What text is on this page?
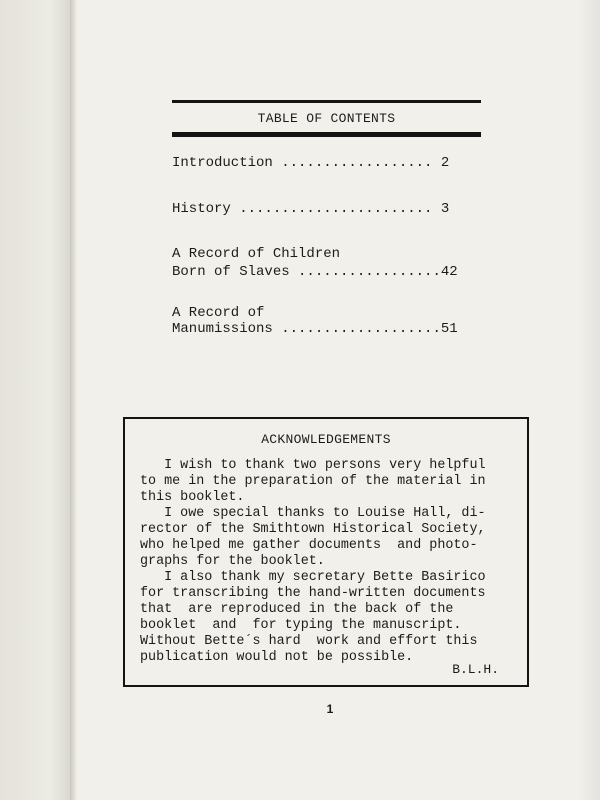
TABLE OF CONTENTS
Introduction .................. 2
History ....................... 3
A Record of Children
Born of Slaves .................42
A Record of
Manumissions ...................51
ACKNOWLEDGEMENTS
I wish to thank two persons very helpful
to me in the preparation of the material in
this booklet.
I owe special thanks to Louise Hall, di-
rector of the Smithtown Historical Society,
who helped me gather documents  and photo-
graphs for the booklet.
I also thank my secretary Bette Basirico
for transcribing the hand-written documents
that  are reproduced in the back of the
booklet  and  for typing the manuscript.
Without Bette´s hard  work and effort this
publication would not be possible.
B.L.H.
1
